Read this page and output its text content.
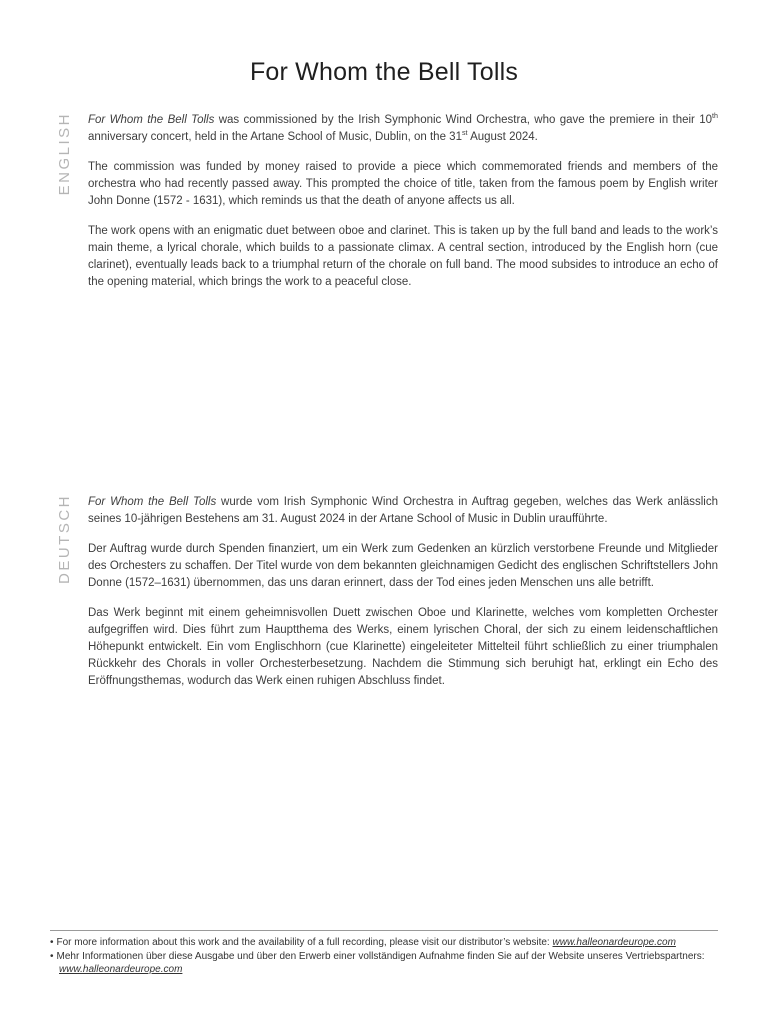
For Whom the Bell Tolls
ENGLISH For Whom the Bell Tolls was commissioned by the Irish Symphonic Wind Orchestra, who gave the premiere in their 10th anniversary concert, held in the Artane School of Music, Dublin, on the 31st August 2024.

The commission was funded by money raised to provide a piece which commemorated friends and members of the orchestra who had recently passed away. This prompted the choice of title, taken from the famous poem by English writer John Donne (1572 - 1631), which reminds us that the death of anyone affects us all.

The work opens with an enigmatic duet between oboe and clarinet. This is taken up by the full band and leads to the work’s main theme, a lyrical chorale, which builds to a passionate climax. A central section, introduced by the English horn (cue clarinet), eventually leads back to a triumphal return of the chorale on full band. The mood subsides to introduce an echo of the opening material, which brings the work to a peaceful close.

DEUTSCH For Whom the Bell Tolls wurde vom Irish Symphonic Wind Orchestra in Auftrag gegeben, welches das Werk anlässlich seines 10-jährigen Bestehens am 31. August 2024 in der Artane School of Music in Dublin uraufführte.

Der Auftrag wurde durch Spenden finanziert, um ein Werk zum Gedenken an kürzlich verstorbene Freunde und Mitglieder des Orchesters zu schaffen. Der Titel wurde von dem bekannten gleichnamigen Gedicht des englischen Schriftstellers John Donne (1572–1631) übernommen, das uns daran erinnert, dass der Tod eines jeden Menschen uns alle betrifft.

Das Werk beginnt mit einem geheimnisvollen Duett zwischen Oboe und Klarinette, welches vom kompletten Orchester aufgegriffen wird. Dies führt zum Hauptthema des Werks, einem lyrischen Choral, der sich zu einem leidenschaftlichen Höhepunkt entwickelt. Ein vom Englischhorn (cue Klarinette) eingeleiteter Mittelteil führt schließlich zu einer triumphalen Rückkehr des Chorals in voller Orchesterbesetzung. Nachdem die Stimmung sich beruhigt hat, erklingt ein Echo des Eröffnungsthemas, wodurch das Werk einen ruhigen Abschluss findet.

• For more information about this work and the availability of a full recording, please visit our distributor’s website: www.halleonardeurope.com

• Mehr Informationen über diese Ausgabe und über den Erwerb einer vollständigen Aufnahme finden Sie auf der Website unseres Vertriebspartners: www.halleonardeurope.com
